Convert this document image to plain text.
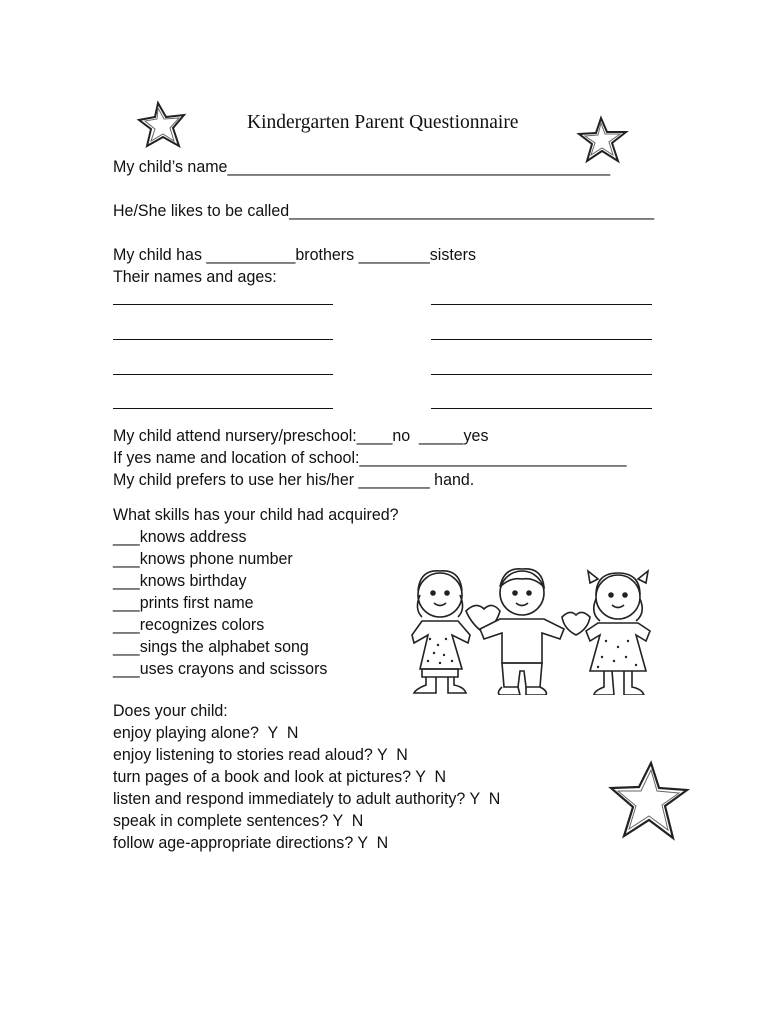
Kindergarten Parent Questionnaire
My child’s name___________________________________________
He/She likes to be called_________________________________________
My child has __________brothers ________sisters
Their names and ages:
My child attend nursery/preschool:____no  _____yes
If yes name and location of school:______________________________
My child prefers to use her his/her ________ hand.
What skills has your child had acquired?
___knows address
___knows phone number
___knows birthday
___prints first name
___recognizes colors
___sings the alphabet song
___uses crayons and scissors
Does your child:
enjoy playing alone?  Y  N
enjoy listening to stories read aloud? Y  N
turn pages of a book and look at pictures? Y  N
listen and respond immediately to adult authority? Y  N
speak in complete sentences? Y  N
follow age-appropriate directions? Y  N
